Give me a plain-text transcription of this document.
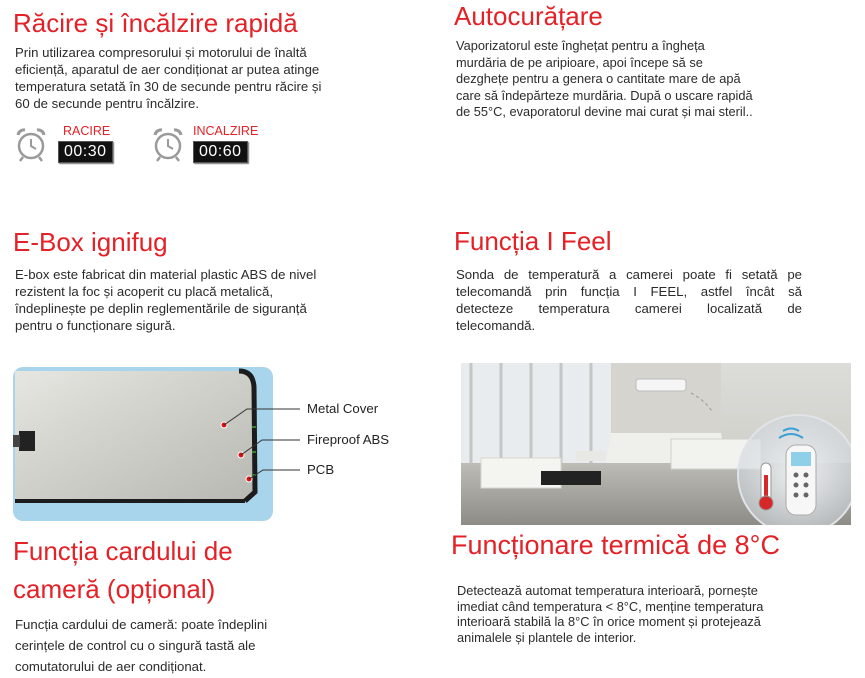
Răcire și încălzire rapidă
Prin utilizarea compresorului și motorului de înaltă
eficiență, aparatul de aer condiționat ar putea atinge
temperatura setată în 30 de secunde pentru răcire și
60 de secunde pentru încălzire.
RACIRE
00:30
INCALZIRE
00:60
Autocurățare
Vaporizatorul este înghețat pentru a îngheța
murdăria de pe aripioare, apoi începe să se
dezghețe pentru a genera o cantitate mare de apă
care să îndepărteze murdăria. După o uscare rapidă
de 55°C, evaporatorul devine mai curat și mai steril..
E-Box ignifug
E-box este fabricat din material plastic ABS de nivel
rezistent la foc și acoperit cu placă metalică,
îndeplinește pe deplin reglementările de siguranță
pentru o funcționare sigură.
Metal Cover
Fireproof ABS
PCB
Funcția I Feel
Sonda de temperatură a camerei poate fi setată pe
telecomandă prin funcția I FEEL, astfel încât să
detecteze temperatura camerei localizată de
telecomandă.
Funcția cardului de
cameră (opțional)
Funcția cardului de cameră: poate îndeplini
cerințele de control cu o singură tastă ale
comutatorului de aer condiționat.
Funcționare termică de 8°C
Detectează automat temperatura interioară, pornește
imediat când temperatura < 8°C, menține temperatura
interioară stabilă la 8°C în orice moment și protejează
animalele și plantele de interior.
